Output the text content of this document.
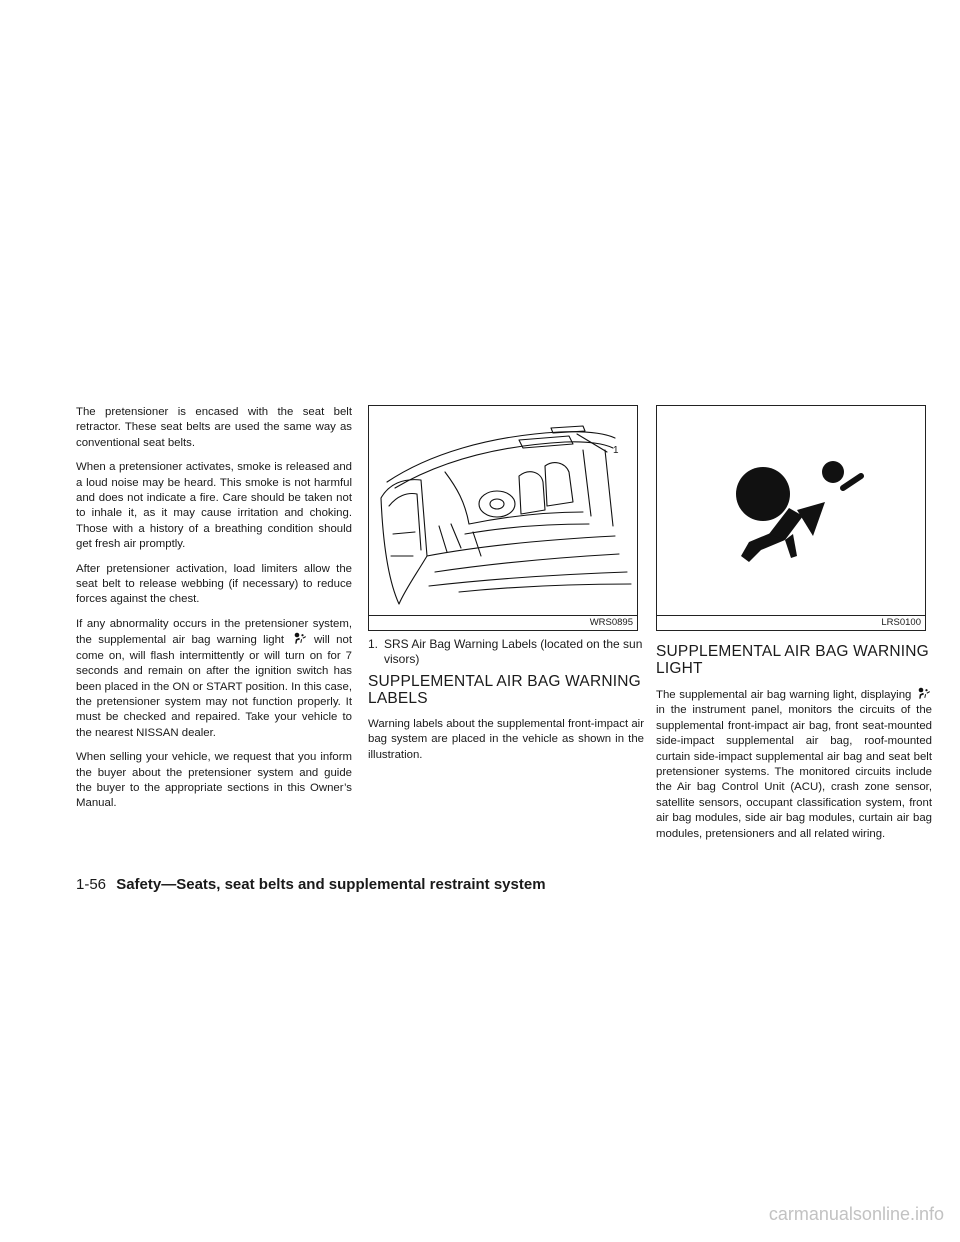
The pretensioner is encased with the seat belt retractor. These seat belts are used the same way as conventional seat belts.

When a pretensioner activates, smoke is released and a loud noise may be heard. This smoke is not harmful and does not indicate a fire. Care should be taken not to inhale it, as it may cause irritation and choking. Those with a history of a breathing condition should get fresh air promptly.

After pretensioner activation, load limiters allow the seat belt to release webbing (if necessary) to reduce forces against the chest.

If any abnormality occurs in the pretensioner system, the supplemental air bag warning light	will not come on, will flash intermittently or will turn on for 7 seconds and remain on after the ignition switch has been placed in the ON or START position. In this case, the pretensioner system may not function properly. It must be checked and repaired. Take your vehicle to the nearest NISSAN dealer.

When selling your vehicle, we request that you inform the buyer about the pretensioner system and guide the buyer to the appropriate sections in this Owner’s Manual.

1
WRS0895
1. SRS Air Bag Warning Labels (located on the sun visors)
SUPPLEMENTAL AIR BAG WARNING LABELS

Warning labels about the supplemental front-impact air bag system are placed in the vehicle as shown in the illustration.

LRS0100
SUPPLEMENTAL AIR BAG WARNING LIGHT

The supplemental air bag warning light, displaying  in the instrument panel, monitors the circuits of the supplemental front-impact air bag, front seat-mounted side-impact supplemental air bag, roof-mounted curtain side-impact supplemental air bag and seat belt pretensioner systems. The monitored circuits include the Air bag Control Unit (ACU), crash zone sensor, satellite sensors, occupant classification system, front air bag modules, side air bag modules, curtain air bag modules, pretensioners and all related wiring.

1-56 Safety—Seats, seat belts and supplemental restraint system
carmanualsonline.info
